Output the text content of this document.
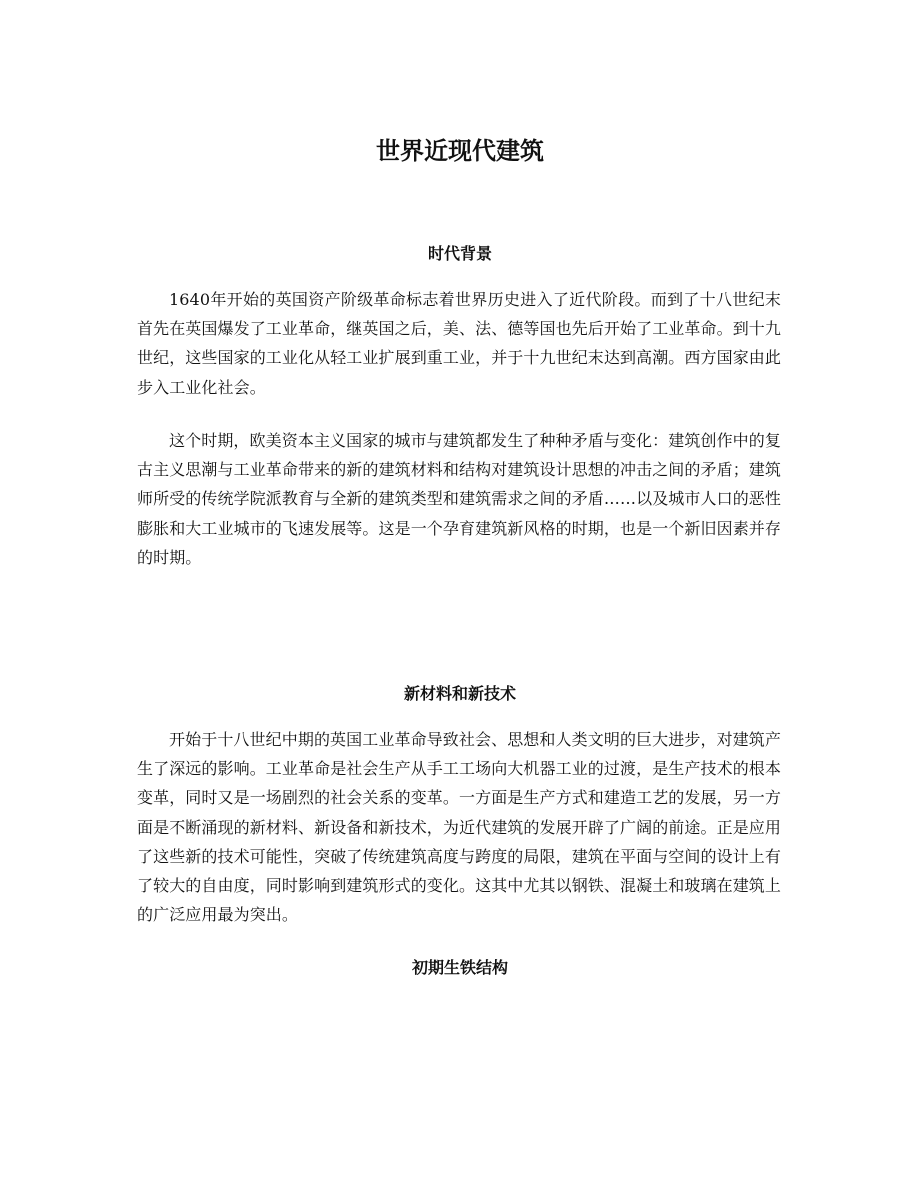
世界近现代建筑
时代背景

1640年开始的英国资产阶级革命标志着世界历史进入了近代阶段。而到了十八世纪末首先在英国爆发了工业革命，继英国之后，美、法、德等国也先后开始了工业革命。到十九世纪，这些国家的工业化从轻工业扩展到重工业，并于十九世纪末达到高潮。西方国家由此步入工业化社会。

这个时期，欧美资本主义国家的城市与建筑都发生了种种矛盾与变化：建筑创作中的复古主义思潮与工业革命带来的新的建筑材料和结构对建筑设计思想的冲击之间的矛盾；建筑师所受的传统学院派教育与全新的建筑类型和建筑需求之间的矛盾……以及城市人口的恶性膨胀和大工业城市的飞速发展等。这是一个孕育建筑新风格的时期，也是一个新旧因素并存的时期。

新材料和新技术

开始于十八世纪中期的英国工业革命导致社会、思想和人类文明的巨大进步，对建筑产生了深远的影响。工业革命是社会生产从手工工场向大机器工业的过渡，是生产技术的根本变革，同时又是一场剧烈的社会关系的变革。一方面是生产方式和建造工艺的发展，另一方面是不断涌现的新材料、新设备和新技术，为近代建筑的发展开辟了广阔的前途。正是应用了这些新的技术可能性，突破了传统建筑高度与跨度的局限，建筑在平面与空间的设计上有了较大的自由度，同时影响到建筑形式的变化。这其中尤其以钢铁、混凝土和玻璃在建筑上的广泛应用最为突出。

初期生铁结构
